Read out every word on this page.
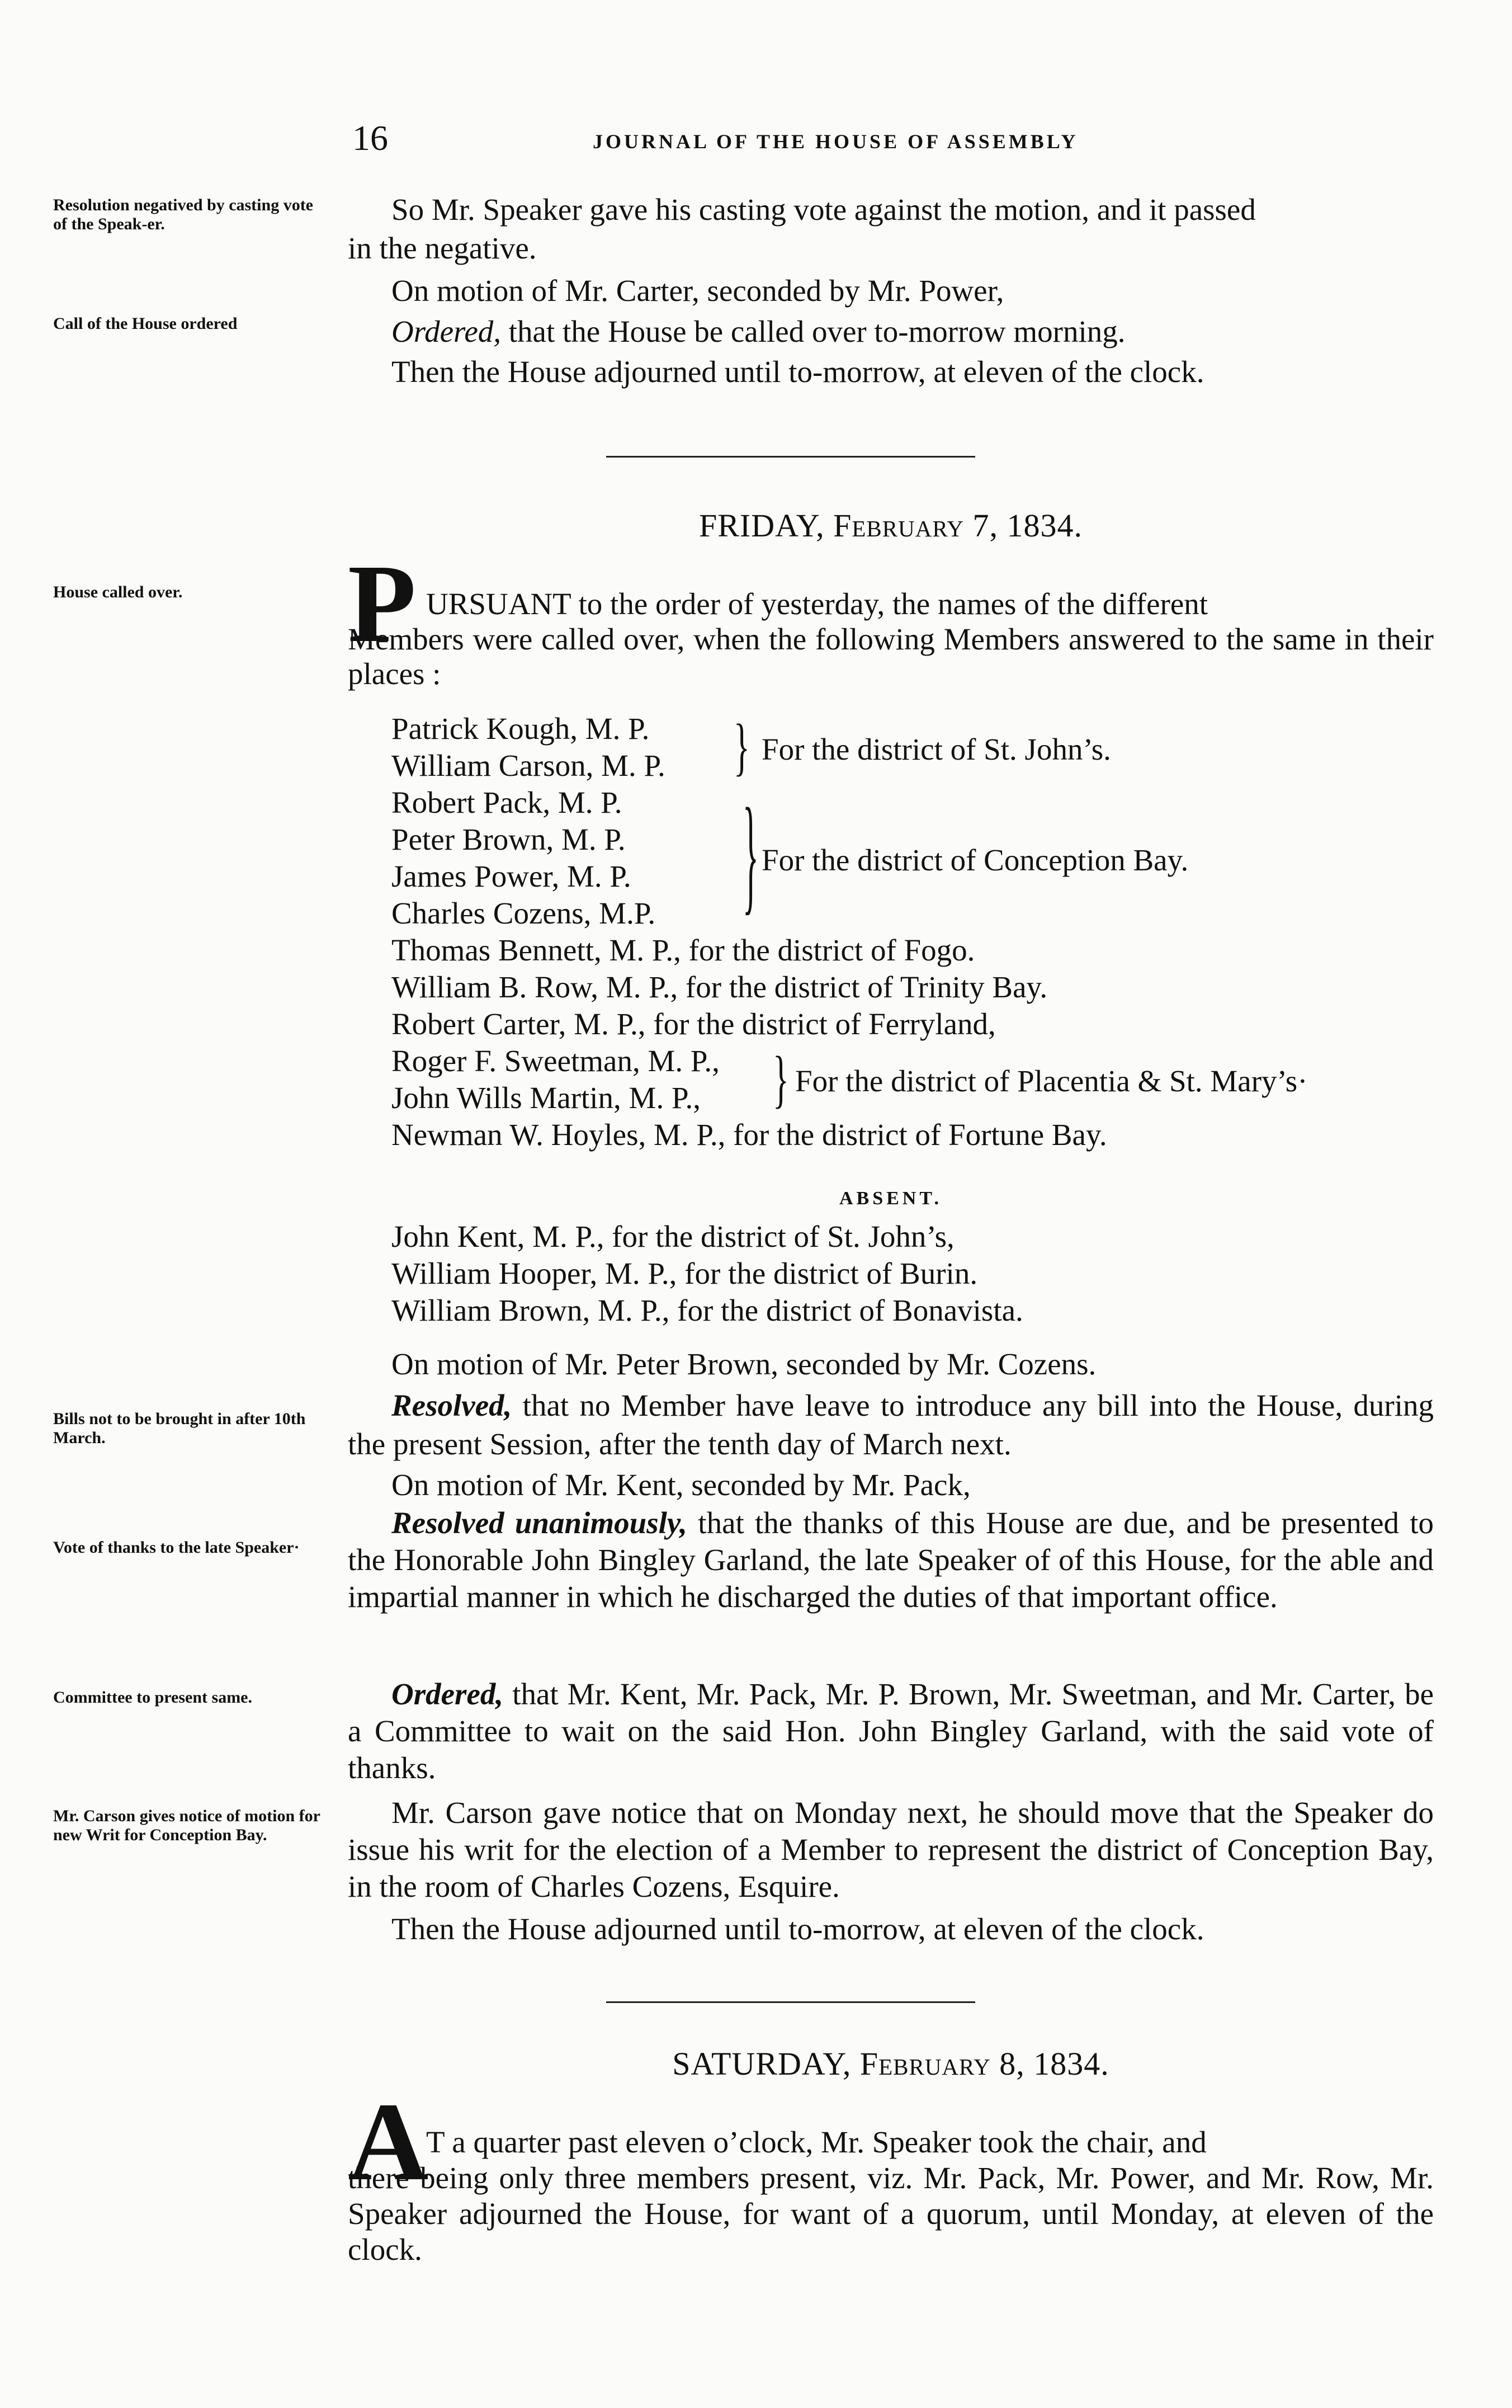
16	JOURNAL OF THE HOUSE OF ASSEMBLY
Resolution negatived by casting vote of the Speak-er.
Call of the House ordered
House called over.
Bills not to be brought in after 10th March.
Vote of thanks to the late Speaker·
Committee to present same.
Mr. Carson gives notice of motion for new Writ for Conception Bay.
So Mr. Speaker gave his casting vote against the motion, and it passed
in the negative.
On motion of Mr. Carter, seconded by Mr. Power,
Ordered, that the House be called over to-morrow morning.
Then the House adjourned until to-morrow, at eleven of the clock.
FRIDAY, February 7, 1834.
P URSUANT to the order of yesterday, the names of the different
Members were called over, when the following Members answered to the same in their places :
Patrick Kough, M. P.
William Carson, M. P. } For the district of St. John’s.
Robert Pack, M. P.
Peter Brown, M. P.
James Power, M. P.
Charles Cozens, M.P.	} For the district of Conception Bay.
Thomas Bennett, M. P., for the district of Fogo.
William B. Row, M. P., for the district of Trinity Bay.
Robert Carter, M. P., for the district of Ferryland,
Roger F. Sweetman, M. P.,
John Wills Martin, M. P.,	} For the district of Placentia & St. Mary’s·
Newman W. Hoyles, M. P., for the district of Fortune Bay.
ABSENT.
John Kent, M. P., for the district of St. John’s,
William Hooper, M. P., for the district of Burin.
William Brown, M. P., for the district of Bonavista.
On motion of Mr. Peter Brown, seconded by Mr. Cozens.
Resolved, that no Member have leave to introduce any bill into the House, during the present Session, after the tenth day of March next.
On motion of Mr. Kent, seconded by Mr. Pack,
Resolved unanimously, that the thanks of this House are due, and be presented to the Honorable John Bingley Garland, the late Speaker of of this House, for the able and impartial manner in which he discharged the duties of that important office.
Ordered, that Mr. Kent, Mr. Pack, Mr. P. Brown, Mr. Sweetman, and Mr. Carter, be a Committee to wait on the said Hon. John Bingley Garland, with the said vote of thanks.
Mr. Carson gave notice that on Monday next, he should move that the Speaker do issue his writ for the election of a Member to represent the district of Conception Bay, in the room of Charles Cozens, Esquire.
Then the House adjourned until to-morrow, at eleven of the clock.
SATURDAY, February 8, 1834.
A
T a quarter past eleven o’clock, Mr. Speaker took the chair, and
there being only three members present, viz. Mr. Pack, Mr. Power, and Mr. Row, Mr. Speaker adjourned the House, for want of a quorum, until Monday, at eleven of the clock.
